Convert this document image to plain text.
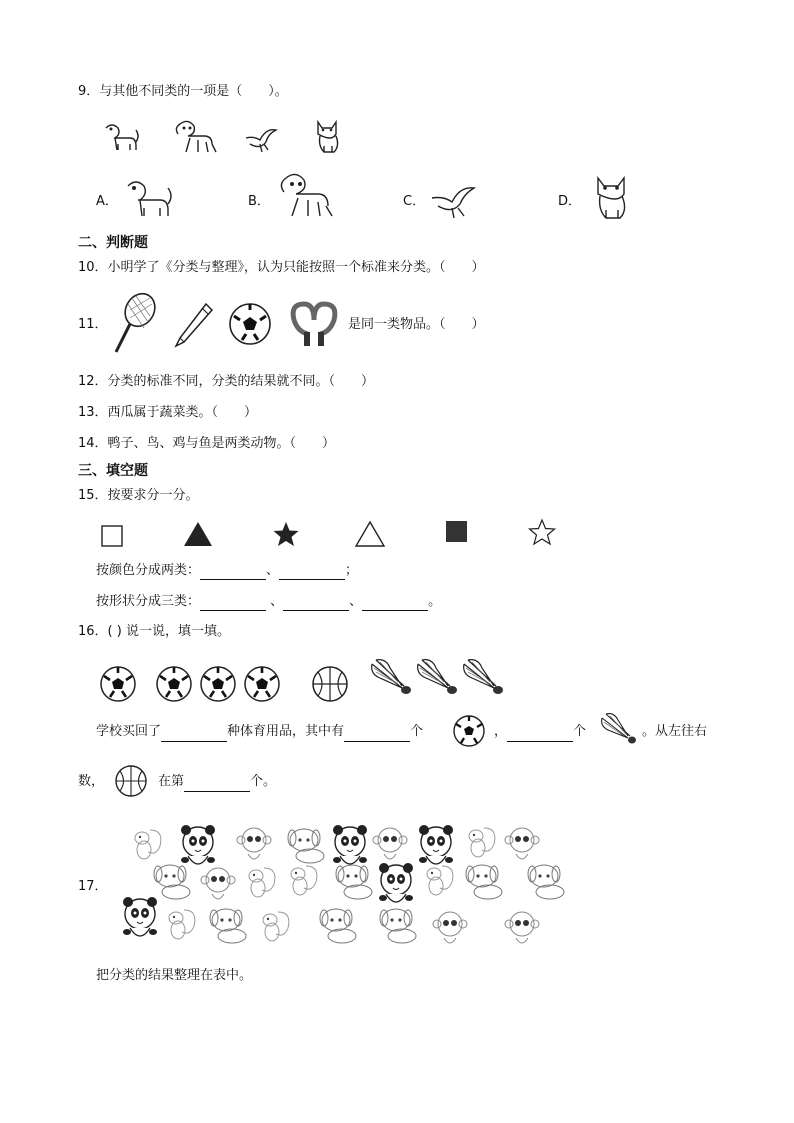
9．与其他不同类的一项是（　　）。
A．	B．	C．	D．
二、判断题
10．小明学了《分类与整理》，认为只能按照一个标准来分类。（　　）
11．	是同一类物品。（　　）
12．分类的标准不同，分类的结果就不同。（　　）
13．西瓜属于蔬菜类。（　　）
14．鸭子、鸟、鸡与鱼是两类动物。（　　）
三、填空题
15．按要求分一分。
按颜色分成两类：	、	；
按形状分成三类：	、	、	。
16．( ) 说一说，填一填。
学校买回了	种体育用品，其中有	个	，	个	。从左往右
数，	在第	个。
17．
把分类的结果整理在表中。
